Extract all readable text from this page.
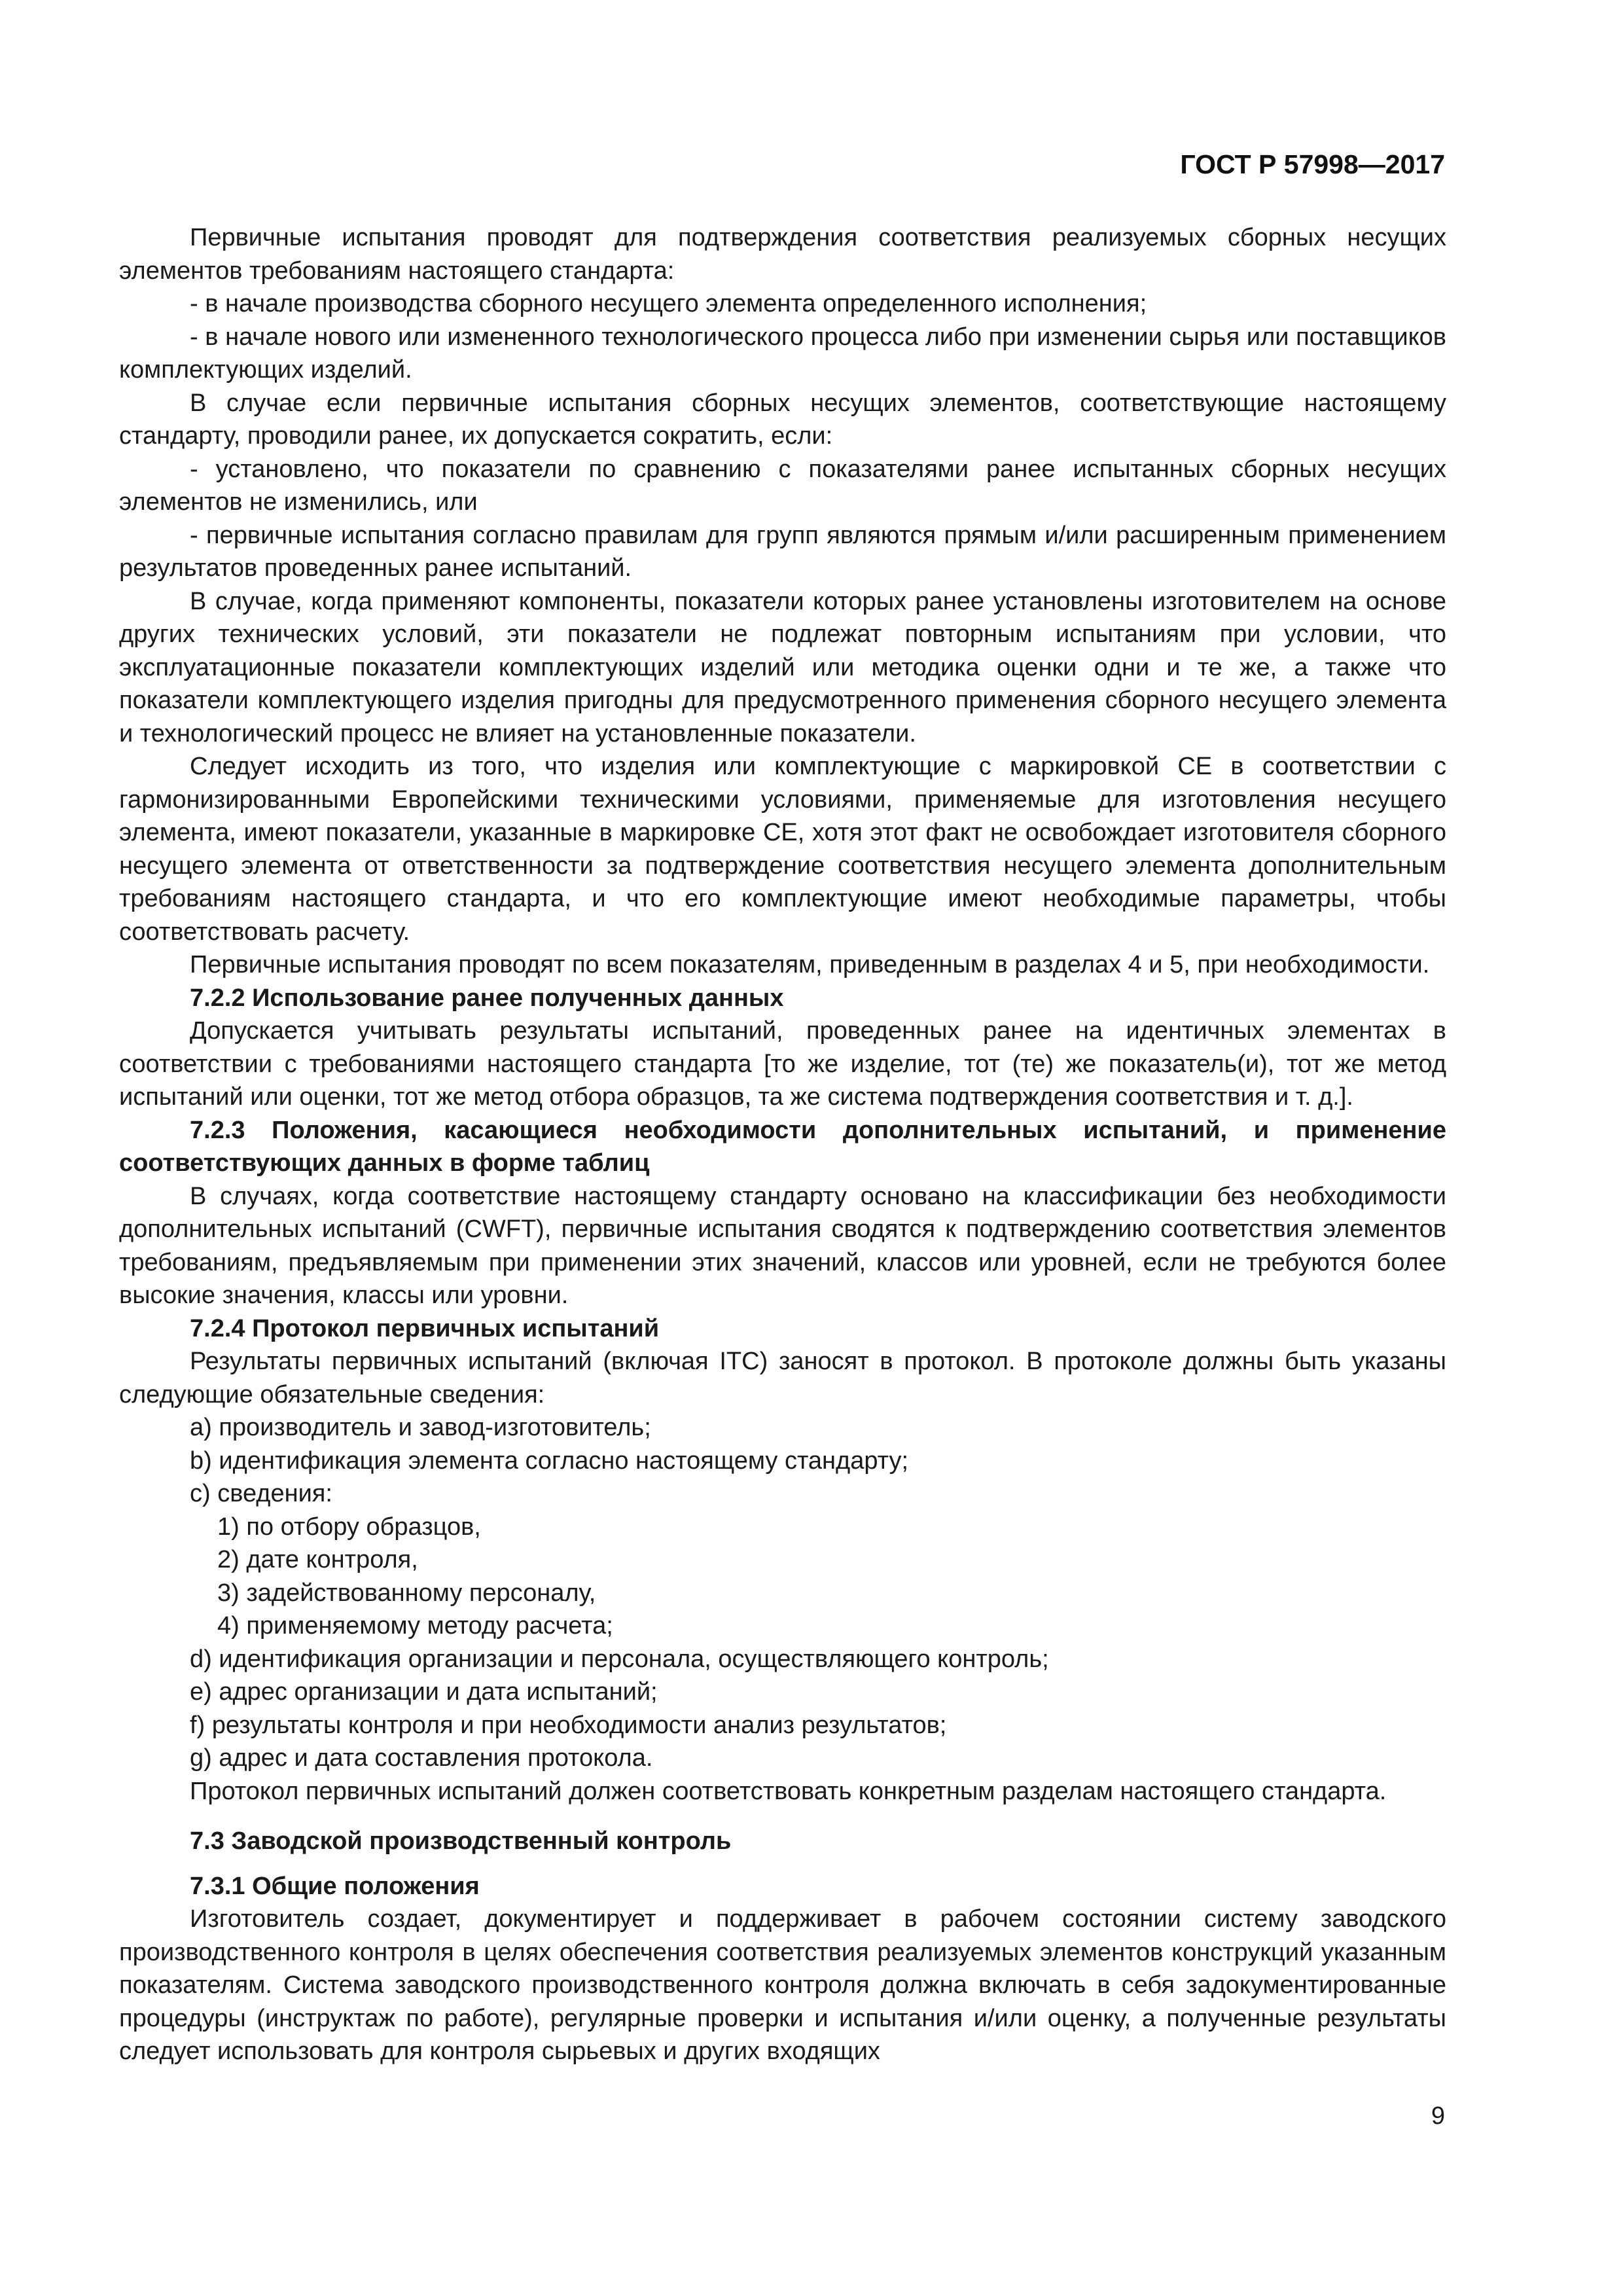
ГОСТ Р 57998—2017

Первичные испытания проводят для подтверждения соответствия реализуемых сборных несущих элементов требованиям настоящего стандарта:

- в начале производства сборного несущего элемента определенного исполнения;

- в начале нового или измененного технологического процесса либо при изменении сырья или поставщиков комплектующих изделий.

В случае если первичные испытания сборных несущих элементов, соответствующие настоящему стандарту, проводили ранее, их допускается сократить, если:

- установлено, что показатели по сравнению с показателями ранее испытанных сборных несущих элементов не изменились, или

- первичные испытания согласно правилам для групп являются прямым и/или расширенным применением результатов проведенных ранее испытаний.

В случае, когда применяют компоненты, показатели которых ранее установлены изготовителем на основе других технических условий, эти показатели не подлежат повторным испытаниям при условии, что эксплуатационные показатели комплектующих изделий или методика оценки одни и те же, а также что показатели комплектующего изделия пригодны для предусмотренного применения сборного несущего элемента и технологический процесс не влияет на установленные показатели.

Следует исходить из того, что изделия или комплектующие с маркировкой СЕ в соответствии с гармонизированными Европейскими техническими условиями, применяемые для изготовления несущего элемента, имеют показатели, указанные в маркировке СЕ, хотя этот факт не освобождает изготовителя сборного несущего элемента от ответственности за подтверждение соответствия несущего элемента дополнительным требованиям настоящего стандарта, и что его комплектующие имеют необходимые параметры, чтобы соответствовать расчету.

Первичные испытания проводят по всем показателям, приведенным в разделах 4 и 5, при необходимости.

7.2.2 Использование ранее полученных данных

Допускается учитывать результаты испытаний, проведенных ранее на идентичных элементах в соответствии с требованиями настоящего стандарта [то же изделие, тот (те) же показатель(и), тот же метод испытаний или оценки, тот же метод отбора образцов, та же система подтверждения соответствия и т. д.].

7.2.3 Положения, касающиеся необходимости дополнительных испытаний, и применение соответствующих данных в форме таблиц

В случаях, когда соответствие настоящему стандарту основано на классификации без необходимости дополнительных испытаний (CWFT), первичные испытания сводятся к подтверждению соответствия элементов требованиям, предъявляемым при применении этих значений, классов или уровней, если не требуются более высокие значения, классы или уровни.

7.2.4 Протокол первичных испытаний

Результаты первичных испытаний (включая ITC) заносят в протокол. В протоколе должны быть указаны следующие обязательные сведения:

а) производитель и завод-изготовитель;

b) идентификация элемента согласно настоящему стандарту;

с) сведения:

1) по отбору образцов,

2) дате контроля,

3) задействованному персоналу,

4) применяемому методу расчета;

d) идентификация организации и персонала, осуществляющего контроль;

е) адрес организации и дата испытаний;

f) результаты контроля и при необходимости анализ результатов;

g) адрес и дата составления протокола.

Протокол первичных испытаний должен соответствовать конкретным разделам настоящего стандарта.

7.3 Заводской производственный контроль

7.3.1 Общие положения

Изготовитель создает, документирует и поддерживает в рабочем состоянии систему заводского производственного контроля в целях обеспечения соответствия реализуемых элементов конструкций указанным показателям. Система заводского производственного контроля должна включать в себя задокументированные процедуры (инструктаж по работе), регулярные проверки и испытания и/или оценку, а полученные результаты следует использовать для контроля сырьевых и других входящих

9
